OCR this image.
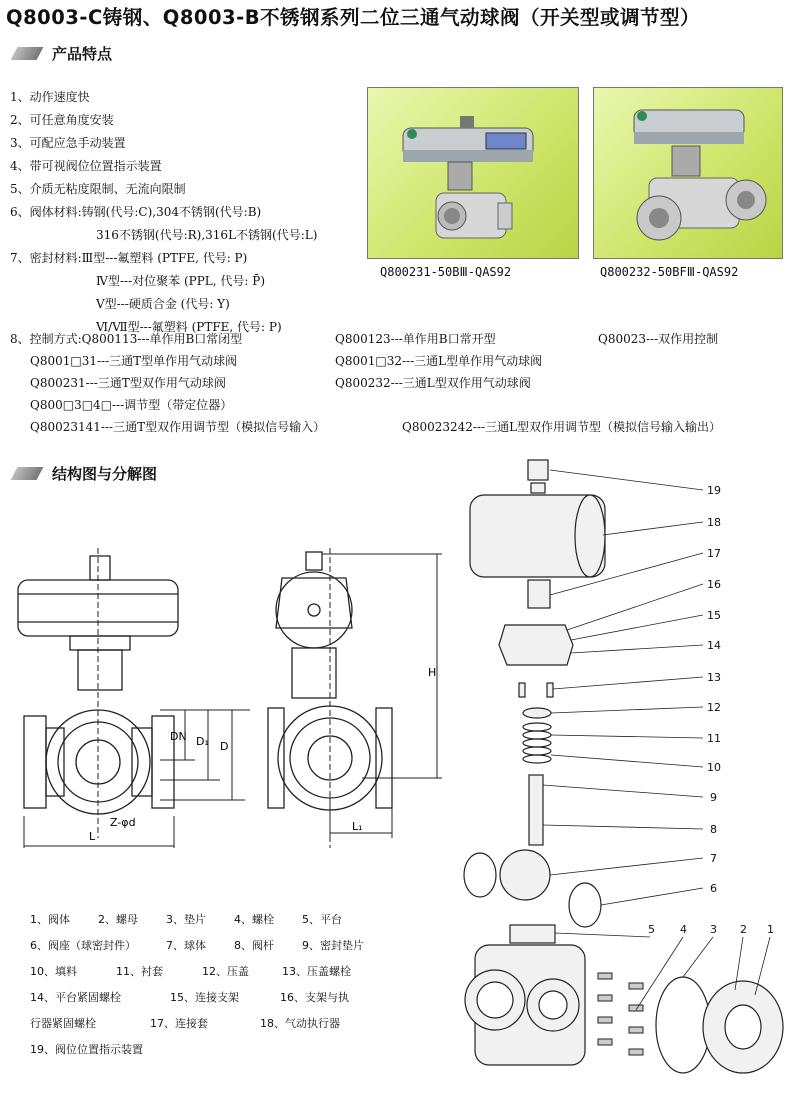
Q8003-C铸钢、Q8003-B不锈钢系列二位三通气动球阀（开关型或调节型）
产品特点
1、动作速度快
2、可任意角度安装
3、可配应急手动装置
4、带可视阀位位置指示装置
5、介质无粘度限制、无流向限制
6、阀体材料:铸钢(代号:C),304不锈钢(代号:B)
316不锈钢(代号:R),316L不锈钢(代号:L)
7、密封材料:Ⅲ型---氟塑料 (PTFE, 代号: P)
Ⅳ型---对位聚苯 (PPL, 代号: P̄)
Ⅴ型---硬质合金 (代号: Y)
Ⅵ/Ⅶ型---氟塑料 (PTFE, 代号: P)
Q800231-50BⅢ-QAS92	Q800232-50BFⅢ-QAS92
8、控制方式:Q800113---单作用B口常闭型	Q800123---单作用B口常开型	Q80023---双作用控制
Q8001□31---三通T型单作用气动球阀	Q8001□32---三通L型单作用气动球阀
Q800231---三通T型双作用气动球阀	Q800232---三通L型双作用气动球阀
Q800□3□4□---调节型（带定位器）
Q80023141---三通T型双作用调节型（模拟信号输入）	Q80023242---三通L型双作用调节型（模拟信号输入输出）
结构图与分解图
L
Z-φd
DN D₁ D
H
L₁
19
18
17
16
15
14
13
12
11
10
9
8
7
6
5 4 3 2 1
1、阀体	2、螺母	3、垫片	4、螺栓	5、平台
6、阀座（球密封件）	7、球体	8、阀杆	9、密封垫片
10、填料	11、衬套	12、压盖	13、压盖螺栓
14、平台紧固螺栓	15、连接支架	16、支架与执
行器紧固螺栓	17、连接套	18、气动执行器
19、阀位位置指示装置
